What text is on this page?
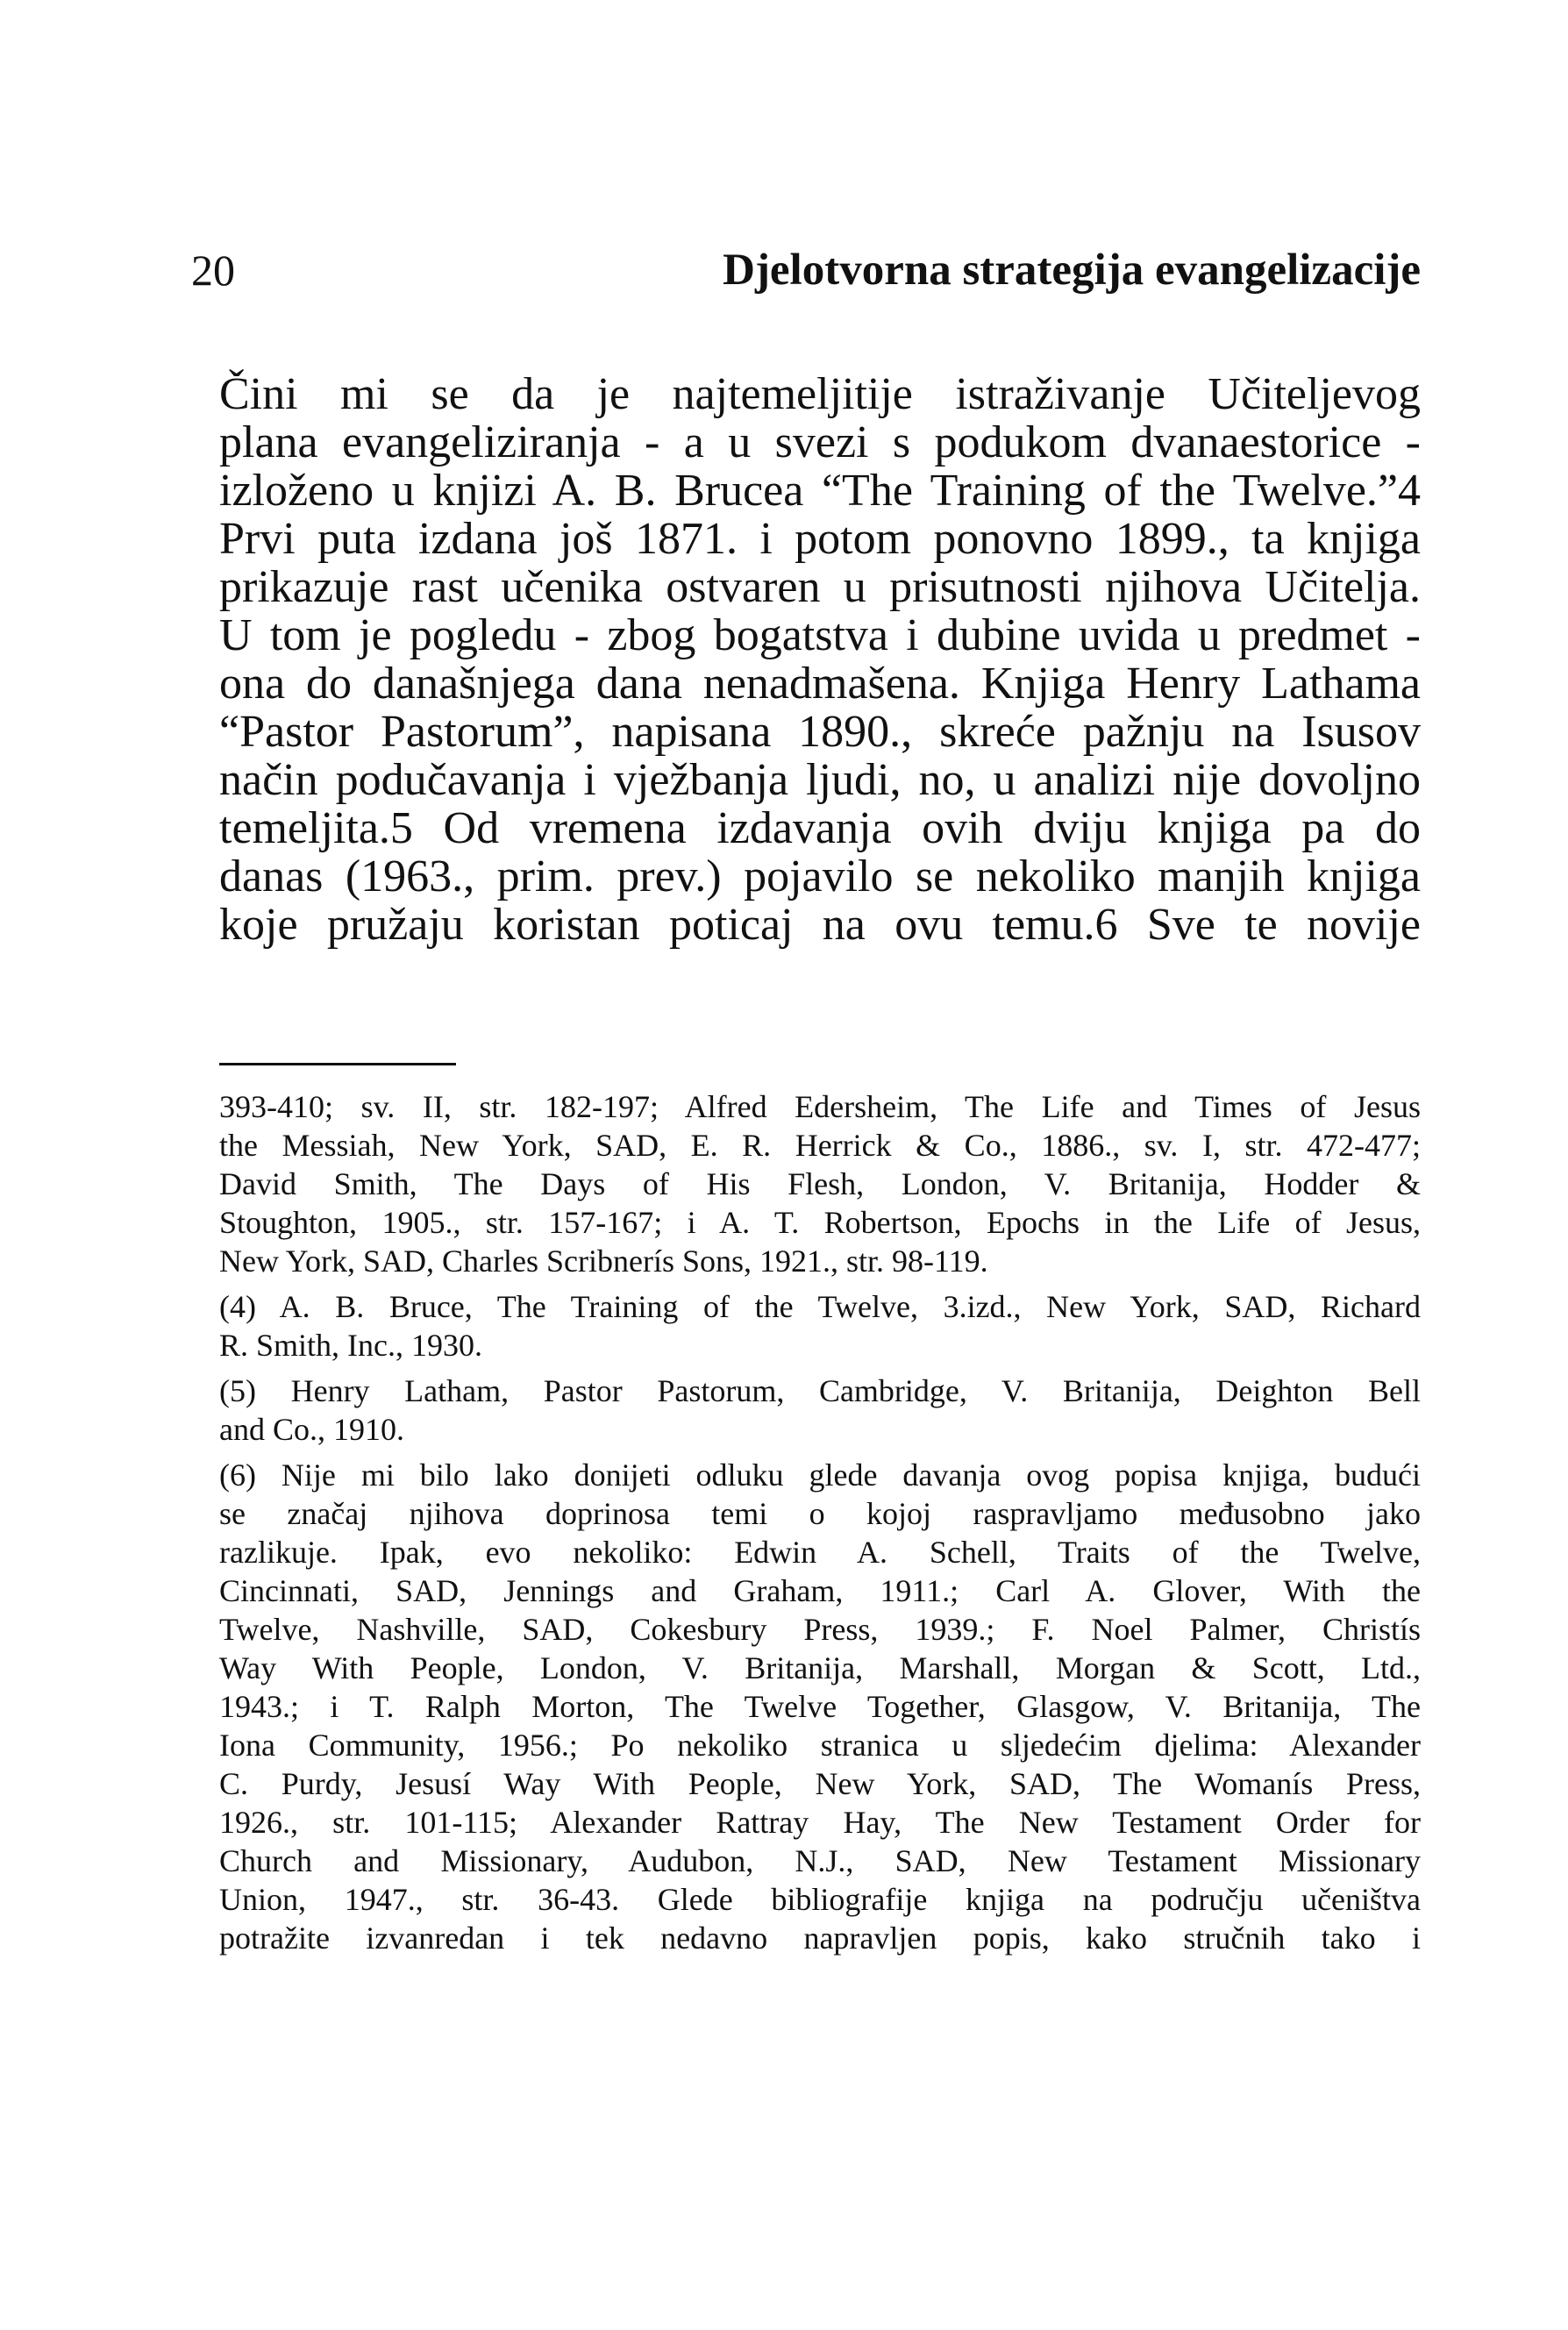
20	Djelotvorna strategija evangelizacije
Čini mi se da je najtemeljitije istraživanje Učiteljevog
plana evangeliziranja - a u svezi s podukom dvanaestorice -
izloženo u knjizi A. B. Brucea “The Training of the Twelve.”4
Prvi puta izdana još 1871. i potom ponovno 1899., ta knjiga
prikazuje rast učenika ostvaren u prisutnosti njihova Učitelja.
U tom je pogledu - zbog bogatstva i dubine uvida u predmet -
ona do današnjega dana nenadmašena. Knjiga Henry Lathama
“Pastor Pastorum”, napisana 1890., skreće pažnju na Isusov
način podučavanja i vježbanja ljudi, no, u analizi nije dovoljno
temeljita.5 Od vremena izdavanja ovih dviju knjiga pa do
danas (1963., prim. prev.) pojavilo se nekoliko manjih knjiga
koje pružaju koristan poticaj na ovu temu.6 Sve te novije
393-410; sv. II, str. 182-197; Alfred Edersheim, The Life and Times of Jesus
the Messiah, New York, SAD, E. R. Herrick & Co., 1886., sv. I, str. 472-477;
David Smith, The Days of His Flesh, London, V. Britanija, Hodder &
Stoughton, 1905., str. 157-167; i A. T. Robertson, Epochs in the Life of Jesus,
New York, SAD, Charles Scribnerís Sons, 1921., str. 98-119.
(4) A. B. Bruce, The Training of the Twelve, 3.izd., New York, SAD, Richard
R. Smith, Inc., 1930.
(5) Henry Latham, Pastor Pastorum, Cambridge, V. Britanija, Deighton Bell
and Co., 1910.
(6) Nije mi bilo lako donijeti odluku glede davanja ovog popisa knjiga, budući
se značaj njihova doprinosa temi o kojoj raspravljamo međusobno jako
razlikuje. Ipak, evo nekoliko: Edwin A. Schell, Traits of the Twelve,
Cincinnati, SAD, Jennings and Graham, 1911.; Carl A. Glover, With the
Twelve, Nashville, SAD, Cokesbury Press, 1939.; F. Noel Palmer, Christís
Way With People, London, V. Britanija, Marshall, Morgan & Scott, Ltd.,
1943.; i T. Ralph Morton, The Twelve Together, Glasgow, V. Britanija, The
Iona Community, 1956.; Po nekoliko stranica u sljedećim djelima: Alexander
C. Purdy, Jesusí Way With People, New York, SAD, The Womanís Press,
1926., str. 101-115; Alexander Rattray Hay, The New Testament Order for
Church and Missionary, Audubon, N.J., SAD, New Testament Missionary
Union, 1947., str. 36-43. Glede bibliografije knjiga na području učeništva
potražite izvanredan i tek nedavno napravljen popis, kako stručnih tako i
